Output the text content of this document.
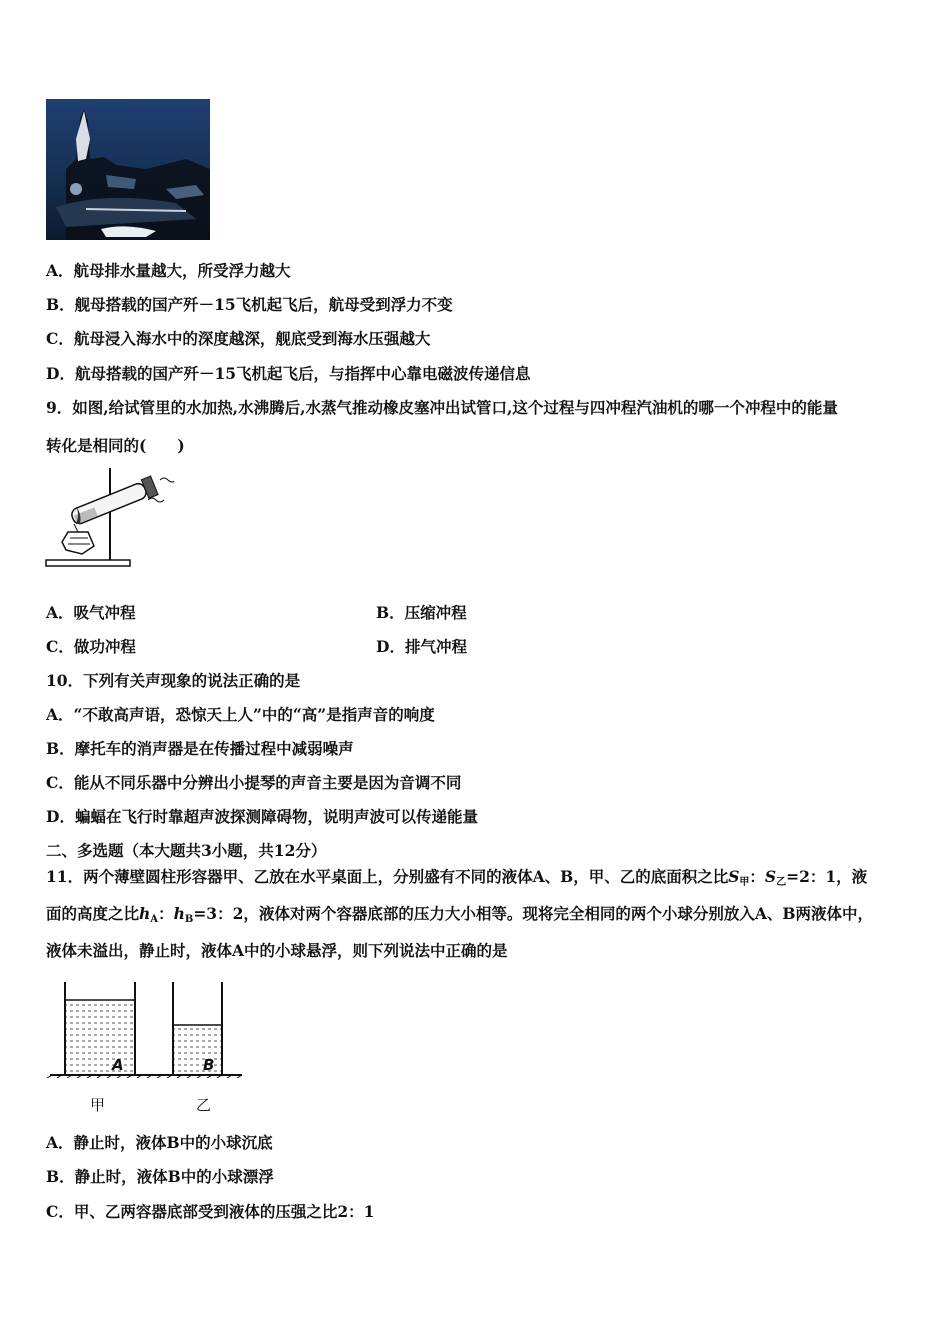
A．航母排水量越大，所受浮力越大
B．舰母搭载的国产歼－15飞机起飞后，航母受到浮力不变
C．航母浸入海水中的深度越深，舰底受到海水压强越大
D．航母搭载的国产歼－15飞机起飞后，与指挥中心靠电磁波传递信息
9．如图,给试管里的水加热,水沸腾后,水蒸气推动橡皮塞冲出试管口,这个过程与四冲程汽油机的哪一个冲程中的能量
转化是相同的(　　)
A．吸气冲程	B．压缩冲程
C．做功冲程	D．排气冲程
10．下列有关声现象的说法正确的是
A．“不敢高声语，恐惊天上人”中的“高”是指声音的响度
B．摩托车的消声器是在传播过程中减弱噪声
C．能从不同乐器中分辨出小提琴的声音主要是因为音调不同
D．蝙蝠在飞行时靠超声波探测障碍物，说明声波可以传递能量
二、多选题（本大题共3小题，共12分）
11．两个薄壁圆柱形容器甲、乙放在水平桌面上，分别盛有不同的液体A、B，甲、乙的底面积之比$S_甲$：$S_乙=2$：1，液
面的高度之比$h_A$：$h_B=3$：2，液体对两个容器底部的压力大小相等。现将完全相同的两个小球分别放入A、B两液体中，
液体未溢出，静止时，液体A中的小球悬浮，则下列说法中正确的是
A	B
甲	乙
A．静止时，液体B中的小球沉底
B．静止时，液体B中的小球漂浮
C．甲、乙两容器底部受到液体的压强之比2：1
